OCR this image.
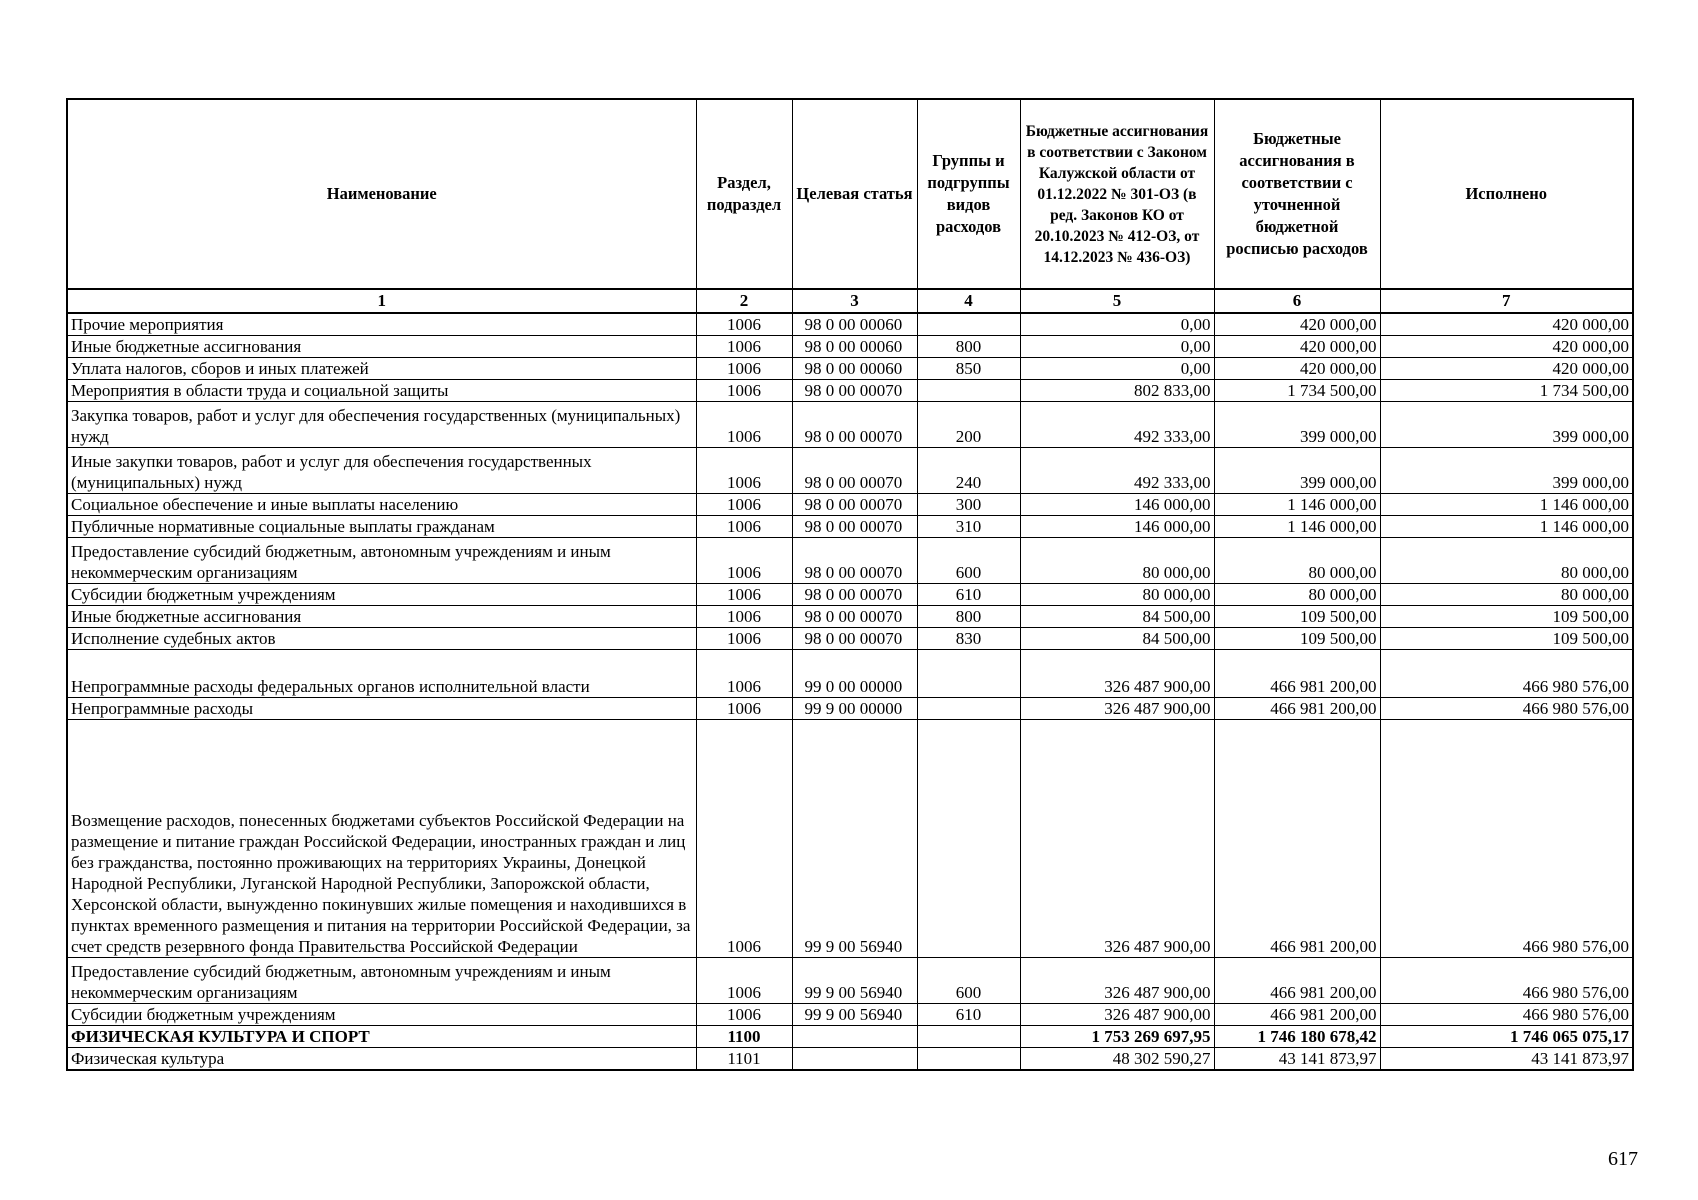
Наименование	Раздел, подраздел	Целевая статья	Группы и подгруппы видов расходов	Бюджетные ассигнования в соответствии с Законом Калужской области от 01.12.2022 № 301-ОЗ (в ред. Законов КО от 20.10.2023 № 412-ОЗ, от 14.12.2023 № 436-ОЗ)	Бюджетные ассигнования в соответствии с уточненной бюджетной росписью расходов	Исполнено
1	2	3	4	5	6	7
Прочие мероприятия	1006	98 0 00 00060		0,00	420 000,00	420 000,00
Иные бюджетные ассигнования	1006	98 0 00 00060	800	0,00	420 000,00	420 000,00
Уплата налогов, сборов и иных платежей	1006	98 0 00 00060	850	0,00	420 000,00	420 000,00
Мероприятия в области труда и социальной защиты	1006	98 0 00 00070		802 833,00	1 734 500,00	1 734 500,00
Закупка товаров, работ и услуг для обеспечения государственных (муниципальных) нужд	1006	98 0 00 00070	200	492 333,00	399 000,00	399 000,00
Иные закупки товаров, работ и услуг для обеспечения государственных (муниципальных) нужд	1006	98 0 00 00070	240	492 333,00	399 000,00	399 000,00
Социальное обеспечение и иные выплаты населению	1006	98 0 00 00070	300	146 000,00	1 146 000,00	1 146 000,00
Публичные нормативные социальные выплаты гражданам	1006	98 0 00 00070	310	146 000,00	1 146 000,00	1 146 000,00
Предоставление субсидий бюджетным, автономным учреждениям и иным некоммерческим организациям	1006	98 0 00 00070	600	80 000,00	80 000,00	80 000,00
Субсидии бюджетным учреждениям	1006	98 0 00 00070	610	80 000,00	80 000,00	80 000,00
Иные бюджетные ассигнования	1006	98 0 00 00070	800	84 500,00	109 500,00	109 500,00
Исполнение судебных актов	1006	98 0 00 00070	830	84 500,00	109 500,00	109 500,00
Непрограммные расходы федеральных органов исполнительной власти	1006	99 0 00 00000		326 487 900,00	466 981 200,00	466 980 576,00
Непрограммные расходы	1006	99 9 00 00000		326 487 900,00	466 981 200,00	466 980 576,00
Возмещение расходов, понесенных бюджетами субъектов Российской Федерации на размещение и питание граждан Российской Федерации, иностранных граждан и лиц без гражданства, постоянно проживающих на территориях Украины, Донецкой Народной Республики, Луганской Народной Республики, Запорожской области, Херсонской области, вынужденно покинувших жилые помещения и находившихся в пунктах временного размещения и питания на территории Российской Федерации, за счет средств резервного фонда Правительства Российской Федерации	1006	99 9 00 56940		326 487 900,00	466 981 200,00	466 980 576,00
Предоставление субсидий бюджетным, автономным учреждениям и иным некоммерческим организациям	1006	99 9 00 56940	600	326 487 900,00	466 981 200,00	466 980 576,00
Субсидии бюджетным учреждениям	1006	99 9 00 56940	610	326 487 900,00	466 981 200,00	466 980 576,00
ФИЗИЧЕСКАЯ КУЛЬТУРА И СПОРТ	1100			1 753 269 697,95	1 746 180 678,42	1 746 065 075,17
Физическая культура	1101			48 302 590,27	43 141 873,97	43 141 873,97
617
